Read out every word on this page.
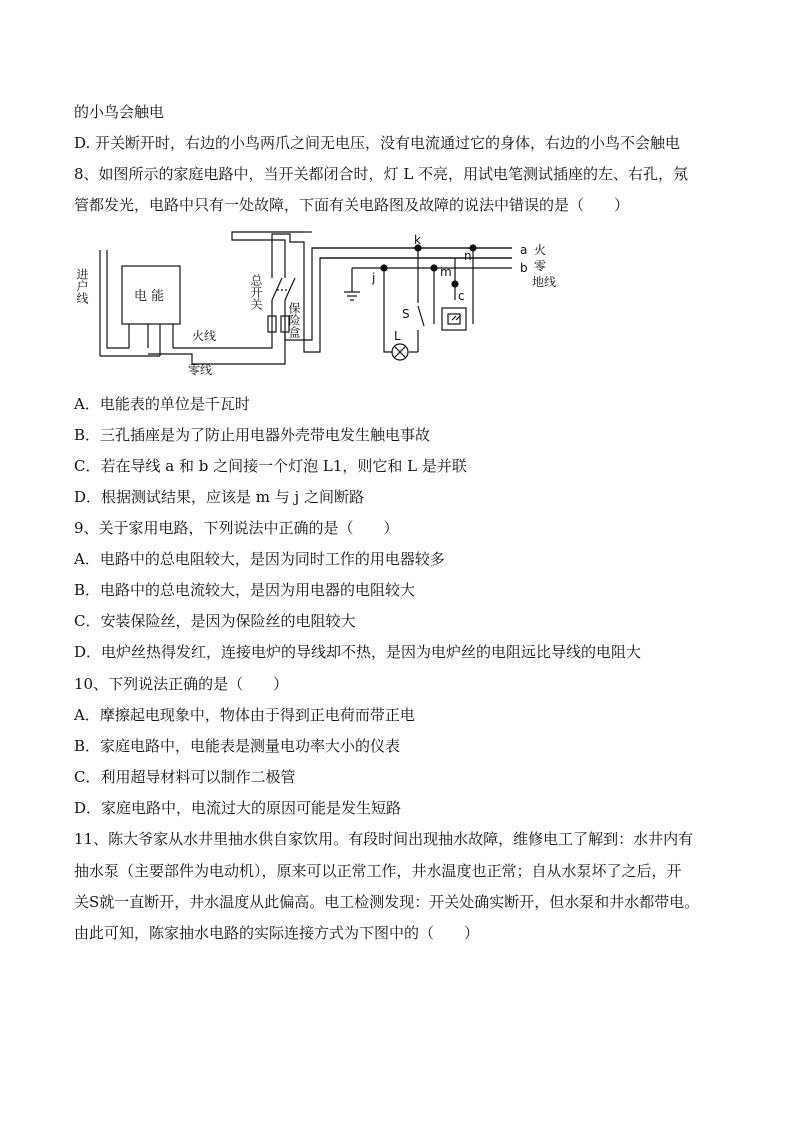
的小鸟会触电
D. 开关断开时，右边的小鸟两爪之间无电压，没有电流通过它的身体，右边的小鸟不会触电
8、如图所示的家庭电路中，当开关都闭合时，灯 L 不亮，用试电笔测试插座的左、右孔，氖
管都发光，电路中只有一处故障，下面有关电路图及故障的说法中错误的是（　　）
A．电能表的单位是千瓦时
B．三孔插座是为了防止用电器外壳带电发生触电事故
C．若在导线 a 和 b 之间接一个灯泡 L1，则它和 L 是并联
D．根据测试结果，应该是 m 与 j 之间断路
9、关于家用电路，下列说法中正确的是（　　）
A．电路中的总电阻较大，是因为同时工作的用电器较多
B．电路中的总电流较大，是因为用电器的电阻较大
C．安装保险丝，是因为保险丝的电阻较大
D．电炉丝热得发红，连接电炉的导线却不热，是因为电炉丝的电阻远比导线的电阻大
10、下列说法正确的是（　　）
A．摩擦起电现象中，物体由于得到正电荷而带正电
B．家庭电路中，电能表是测量电功率大小的仪表
C．利用超导材料可以制作二极管
D．家庭电路中，电流过大的原因可能是发生短路
11、陈大爷家从水井里抽水供自家饮用。有段时间出现抽水故障，维修电工了解到：水井内有
抽水泵（主要部件为电动机），原来可以正常工作，井水温度也正常；自从水泵坏了之后，开
关S就一直断开，井水温度从此偏高。电工检测发现：开关处确实断开，但水泵和井水都带电。
由此可知，陈家抽水电路的实际连接方式为下图中的（　　）
进户线	电 能
火线
零线
总开关
保险盒
a
b
火
零
地线
k
n
j	m
c
S
L
